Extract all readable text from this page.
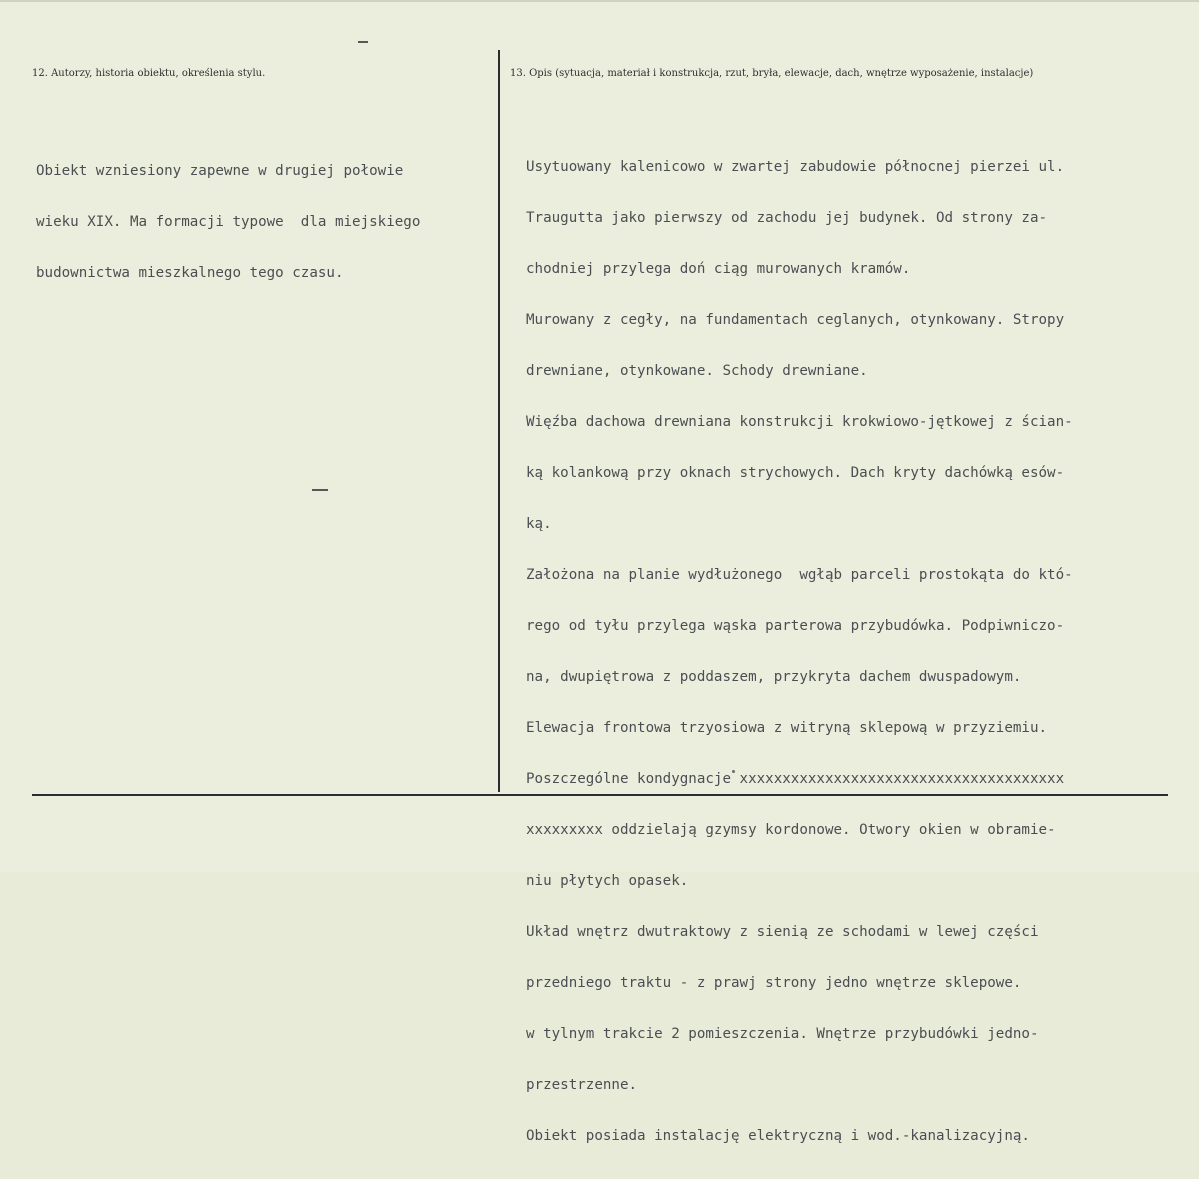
12. Autorzy, historia obiektu, określenia stylu.	13. Opis (sytuacja, materiał i konstrukcja, rzut, bryła, elewacje, dach, wnętrze wyposażenie, instalacje)

Obiekt wzniesiony zapewne w drugiej połowie

wieku XIX. Ma formacji typowe  dla miejskiego

budownictwa mieszkalnego tego czasu.

Usytuowany kalenicowo w zwartej zabudowie północnej pierzei ul.

Traugutta jako pierwszy od zachodu jej budynek. Od strony za-

chodniej przylega doń ciąg murowanych kramów.

Murowany z cegły, na fundamentach ceglanych, otynkowany. Stropy

drewniane, otynkowane. Schody drewniane.

Więźba dachowa drewniana konstrukcji krokwiowo-jętkowej z ścian-

ką kolankową przy oknach strychowych. Dach kryty dachówką esów-

ką.

Założona na planie wydłużonego  wgłąb parceli prostokąta do któ-

rego od tyłu przylega wąska parterowa przybudówka. Podpiwniczo-

na, dwupiętrowa z poddaszem, przykryta dachem dwuspadowym.

Elewacja frontowa trzyosiowa z witryną sklepową w przyziemiu.

Poszczególne kondygnacje xxxxxxxxxxxxxxxxxxxxxxxxxxxxxxxxxxxxxx

xxxxxxxxx oddzielają gzymsy kordonowe. Otwory okien w obramie-

niu płytych opasek.

Układ wnętrz dwutraktowy z sienią ze schodami w lewej części

przedniego traktu - z prawj strony jedno wnętrze sklepowe.

w tylnym trakcie 2 pomieszczenia. Wnętrze przybudówki jedno-

przestrzenne.

Obiekt posiada instalację elektryczną i wod.-kanalizacyjną.
